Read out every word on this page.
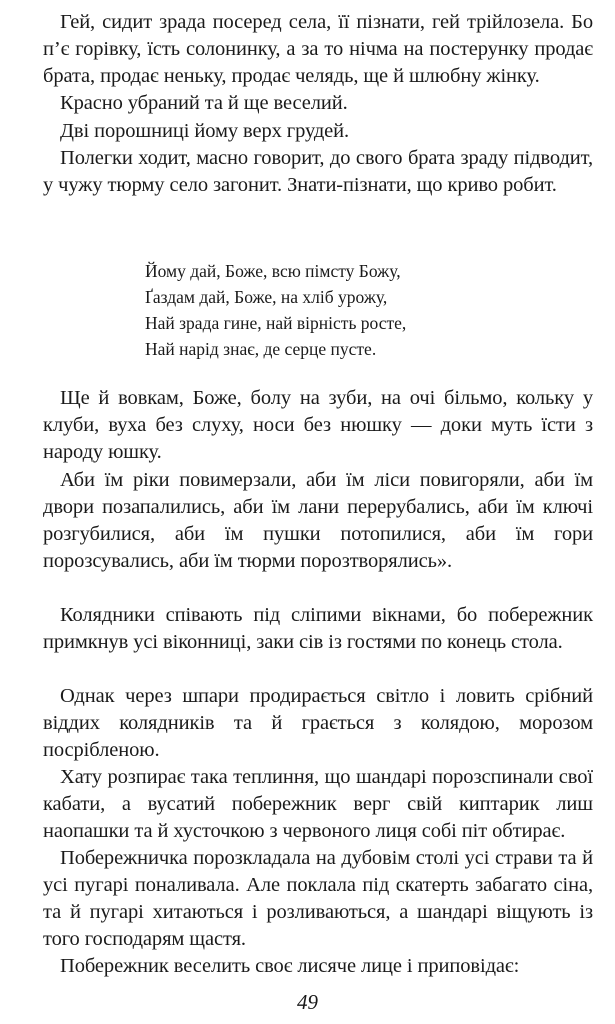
Гей, сидит зрада посеред села, її пізнати, гей трійлозела. Бо п’є горівку, їсть солонинку, а за то нічма на постерунку продає брата, продає неньку, продає челядь, ще й шлюбну жінку.

Красно убраний та й ще веселий.

Дві порошниці йому верх грудей.

Полегки ходит, масно говорит, до свого брата зраду підводит, у чужу тюрму село загонит. Знати-пізнати, що криво робит.

Йому дай, Боже, всю пімсту Божу,
Ґаздам дай, Боже, на хліб урожу,
Най зрада гине, най вірність росте,
Най нарід знає, де серце пусте.

Ще й вовкам, Боже, болу на зуби, на очі більмо, кольку у клуби, вуха без слуху, носи без нюшку — доки муть їсти з народу юшку.

Аби їм ріки повимерзали, аби їм ліси повигоряли, аби їм двори позапалились, аби їм лани перерубались, аби їм ключі розгубилися, аби їм пушки потопилися, аби їм гори порозсувались, аби їм тюрми порозтворялись».

Колядники співають під сліпими вікнами, бо побережник примкнув усі віконниці, заки сів із гостями по конець стола.

Однак через шпари продирається світло і ловить срібний віддих колядників та й грається з колядою, морозом посріблeною.

Хату розпирає така теплиння, що шандарі порозспинали свої кабати, а вусатий побережник верг свій киптарик лиш наопашки та й хусточкою з червоного лиця собі піт обтирає.

Побережничка порозкладала на дубовім столі усі страви та й усі пугарі поналивала. Але поклала під скатерть забагато сіна, та й пугарі хитаються і розливаються, а шандарі віщують із того господарям щастя.

Побережник веселить своє лисяче лице і приповідає:

49
